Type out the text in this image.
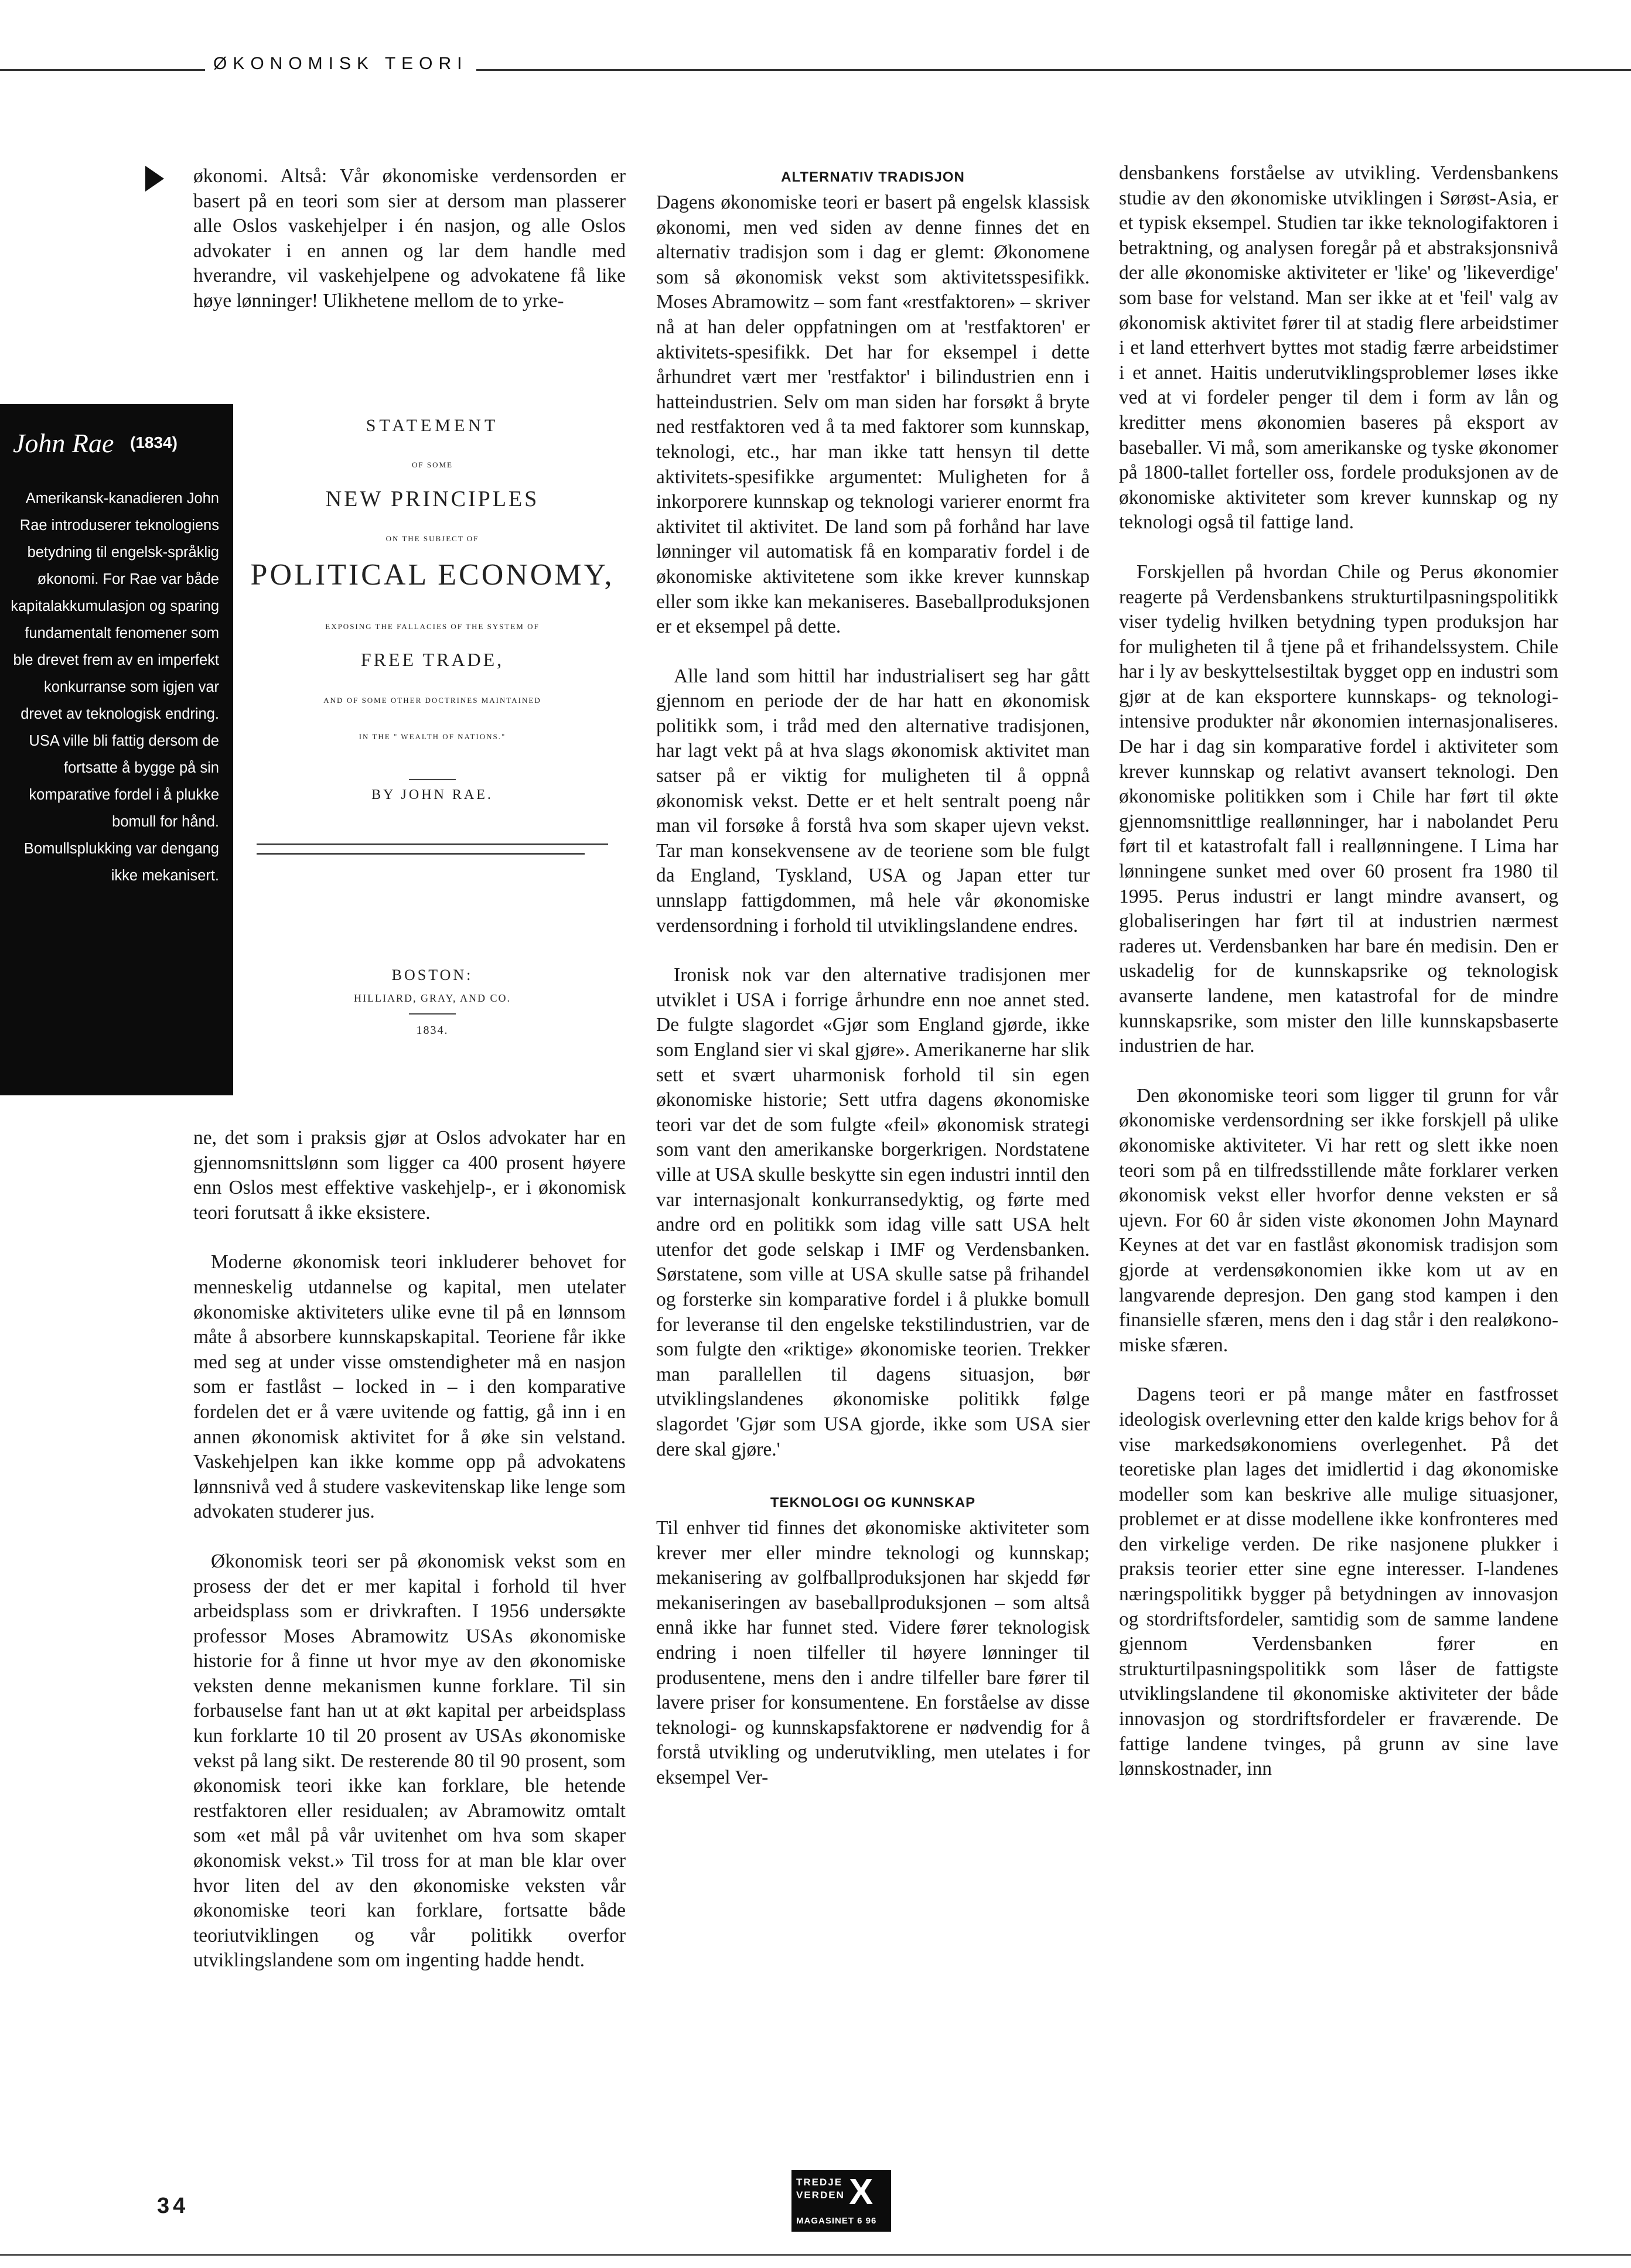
ØKONOMISK TEORI

økonomi. Altså: Vår økonomiske verdensorden er basert på en teori som sier at dersom man plasserer alle Oslos vaskehjelper i én nasjon, og alle Oslos advokater i en annen og lar dem handle med hverandre, vil vaskehjelpene og advokatene få like høye lønninger! Ulikhetene mellom de to yrke-

John Rae (1834)
Amerikansk-kanadieren John Rae introduserer teknologiens betydning til engelsk-språklig økonomi. For Rae var både kapitalakkumulasjon og sparing fundamentalt fenomener som ble drevet frem av en imperfekt konkurranse som igjen var drevet av teknologisk endring. USA ville bli fattig dersom de fortsatte å bygge på sin komparative fordel i å plukke bomull for hånd. Bomullsplukking var dengang ikke mekanisert.
STATEMENT
OF SOME
NEW PRINCIPLES
ON THE SUBJECT OF
POLITICAL ECONOMY,
EXPOSING THE FALLACIES OF THE SYSTEM OF
FREE TRADE,
AND OF SOME OTHER DOCTRINES MAINTAINED
IN THE " WEALTH OF NATIONS."
BY JOHN RAE.
BOSTON:
HILLIARD, GRAY, AND CO.
1834.

ne, det som i praksis gjør at Oslos advokater har en gjennomsnittslønn som ligger ca 400 prosent høyere enn Oslos mest effektive vaskehjelp-, er i økonomisk teori forutsatt å ikke eksistere.

Moderne økonomisk teori inkluderer behovet for menneskelig utdannelse og kapital, men utelater økonomiske aktiviteters ulike evne til på en lønnsom måte å absorbere kunnskapskapital. Teoriene får ikke med seg at under visse omstendigheter må en nasjon som er fastlåst – locked in – i den komparative fordelen det er å være uvitende og fattig, gå inn i en annen økonomisk aktivitet for å øke sin velstand. Vaskehjelpen kan ikke komme opp på advokatens lønnsnivå ved å studere vaskevitenskap like lenge som advokaten studerer jus.

Økonomisk teori ser på økonomisk vekst som en prosess der det er mer kapital i forhold til hver arbeidsplass som er drivkraften. I 1956 undersøkte professor Moses Abramowitz USAs økonomiske historie for å finne ut hvor mye av den økonomiske veksten denne mekanismen kunne forklare. Til sin forbauselse fant han ut at økt kapital per arbeidsplass kun forklarte 10 til 20 prosent av USAs økonomiske vekst på lang sikt. De resterende 80 til 90 prosent, som økonomisk teori ikke kan forklare, ble hetende restfaktoren eller residualen; av Abramowitz omtalt som «et mål på vår uvitenhet om hva som skaper økonomisk vekst.» Til tross for at man ble klar over hvor liten del av den økonomiske veksten vår økonomiske teori kan forklare, fortsatte både teoriutviklingen og vår politikk overfor utviklingslandene som om ingenting hadde hendt.

ALTERNATIV TRADISJON

Dagens økonomiske teori er basert på engelsk klassisk økonomi, men ved siden av denne finnes det en alternativ tradisjon som i dag er glemt: Økonomene som så økonomisk vekst som aktivitetsspesifikk. Moses Abramowitz – som fant «restfaktoren» – skriver nå at han deler oppfatningen om at 'restfaktoren' er aktivitets-spesifikk. Det har for eksempel i dette århundret vært mer 'restfaktor' i bilindustrien enn i hatteindustrien. Selv om man siden har forsøkt å bryte ned restfaktoren ved å ta med faktorer som kunnskap, teknologi, etc., har man ikke tatt hensyn til dette aktivitets-spesifikke argumentet: Muligheten for å inkorporere kunnskap og teknologi varierer enormt fra aktivitet til aktivitet. De land som på forhånd har lave lønninger vil automatisk få en komparativ fordel i de økonomiske aktivitetene som ikke krever kunnskap eller som ikke kan mekaniseres. Baseballproduksjonen er et eksempel på dette.

Alle land som hittil har industrialisert seg har gått gjennom en periode der de har hatt en økonomisk politikk som, i tråd med den alternative tradisjonen, har lagt vekt på at hva slags økonomisk aktivitet man satser på er viktig for muligheten til å oppnå økonomisk vekst. Dette er et helt sentralt poeng når man vil forsøke å forstå hva som skaper ujevn vekst. Tar man konsekvensene av de teoriene som ble fulgt da England, Tyskland, USA og Japan etter tur unnslapp fattigdommen, må hele vår økonomiske verdensordning i forhold til utviklingslandene endres.

Ironisk nok var den alternative tradisjonen mer utviklet i USA i forrige århundre enn noe annet sted. De fulgte slagordet «Gjør som England gjørde, ikke som England sier vi skal gjøre». Amerikanerne har slik sett et svært uharmonisk forhold til sin egen økonomiske historie; Sett utfra dagens økonomiske teori var det de som fulgte «feil» økonomisk strategi som vant den amerikanske borgerkrigen. Nordstatene ville at USA skulle beskytte sin egen industri inntil den var internasjonalt konkurransedyktig, og førte med andre ord en politikk som idag ville satt USA helt utenfor det gode selskap i IMF og Verdensbanken. Sørstatene, som ville at USA skulle satse på frihandel og forsterke sin komparative fordel i å plukke bomull for leveranse til den engelske tekstilindustrien, var de som fulgte den «riktige» økonomiske teorien. Trekker man parallellen til dagens situasjon, bør utviklingslandenes økonomiske politikk følge slagordet 'Gjør som USA gjorde, ikke som USA sier dere skal gjøre.'

TEKNOLOGI OG KUNNSKAP

Til enhver tid finnes det økonomiske aktiviteter som krever mer eller mindre teknologi og kunnskap; mekanisering av golfballproduksjonen har skjedd før mekaniseringen av baseballproduksjonen – som altså ennå ikke har funnet sted. Videre fører teknologisk endring i noen tilfeller til høyere lønninger til produsentene, mens den i andre tilfeller bare fører til lavere priser for konsumentene. En forståelse av disse teknologi- og kunnskapsfaktorene er nødvendig for å forstå utvikling og underutvikling, men utelates i for eksempel Ver-

densbankens forståelse av utvikling. Verdensbankens studie av den økonomiske utviklingen i Sørøst-Asia, er et typisk eksempel. Studien tar ikke teknologifaktoren i betraktning, og analysen foregår på et abstraksjonsnivå der alle økonomiske aktiviteter er 'like' og 'likeverdige' som base for velstand. Man ser ikke at et 'feil' valg av økonomisk aktivitet fører til at stadig flere arbeidstimer i et land etterhvert byttes mot stadig færre arbeidstimer i et annet. Haitis underutviklingsproblemer løses ikke ved at vi fordeler penger til dem i form av lån og kreditter mens økonomien baseres på eksport av baseballer. Vi må, som amerikanske og tyske økonomer på 1800-tallet forteller oss, fordele produksjonen av de økonomiske aktiviteter som krever kunnskap og ny teknologi også til fattige land.

Forskjellen på hvordan Chile og Perus økonomier reagerte på Verdensbankens strukturtilpasningspolitikk viser tydelig hvilken betydning typen produksjon har for muligheten til å tjene på et frihandelssystem. Chile har i ly av beskyttelsestiltak bygget opp en industri som gjør at de kan eksportere kunnskaps- og teknologi-intensive produkter når økonomien internasjonaliseres. De har i dag sin komparative fordel i aktiviteter som krever kunnskap og relativt avansert teknologi. Den økonomiske politikken som i Chile har ført til økte gjennomsnittlige reallønninger, har i nabolandet Peru ført til et katastrofalt fall i reallønningene. I Lima har lønningene sunket med over 60 prosent fra 1980 til 1995. Perus industri er langt mindre avansert, og globaliseringen har ført til at industrien nærmest raderes ut. Verdensbanken har bare én medisin. Den er uskadelig for de kunnskapsrike og teknologisk avanserte landene, men katastrofal for de mindre kunnskapsrike, som mister den lille kunnskapsbaserte industrien de har.

Den økonomiske teori som ligger til grunn for vår økonomiske verdensordning ser ikke forskjell på ulike økonomiske aktiviteter. Vi har rett og slett ikke noen teori som på en tilfredsstillende måte forklarer verken økonomisk vekst eller hvorfor denne veksten er så ujevn. For 60 år siden viste økonomen John Maynard Keynes at det var en fastlåst økonomisk tradisjon som gjorde at verdensøkonomien ikke kom ut av en langvarende depresjon. Den gang stod kampen i den finansielle sfæren, mens den i dag står i den realøkonomiske sfæren.

Dagens teori er på mange måter en fastfrosset ideologisk overlevning etter den kalde krigs behov for å vise markedsøkonomiens overlegenhet. På det teoretiske plan lages det imidlertid i dag økonomiske modeller som kan beskrive alle mulige situasjoner, problemet er at disse modellene ikke konfronteres med den virkelige verden. De rike nasjonene plukker i praksis teorier etter sine egne interesser. I-landenes næringspolitikk bygger på betydningen av innovasjon og stordriftsfordeler, samtidig som de samme landene gjennom Verdensbanken fører en strukturtilpasningspolitikk som låser de fattigste utviklingslandene til økonomiske aktiviteter der både innovasjon og stordriftsfordeler er fraværende. De fattige landene tvinges, på grunn av sine lave lønnskostnader, inn

34
TREDJE
VERDEN X
MAGASINET 6 96
